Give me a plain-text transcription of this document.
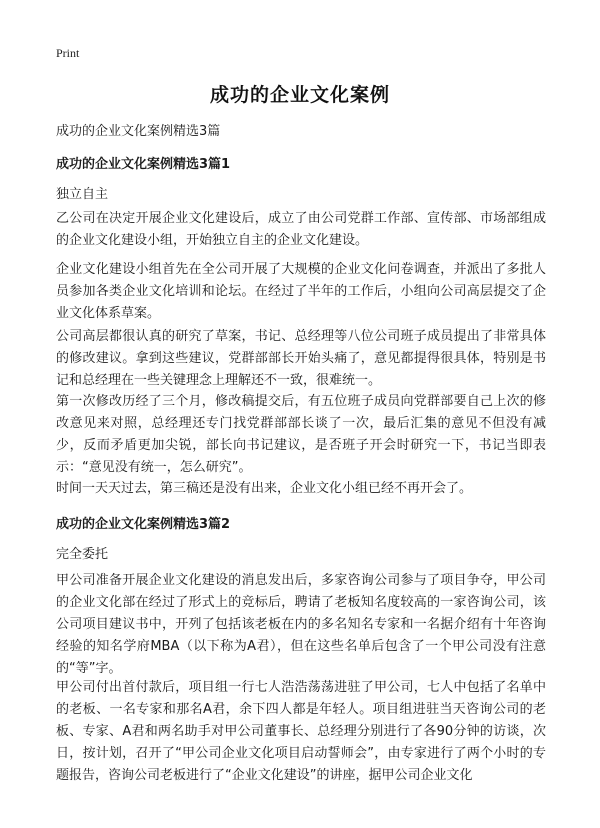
Print
成功的企业文化案例
成功的企业文化案例精选3篇
成功的企业文化案例精选3篇1
独立自主

乙公司在决定开展企业文化建设后，成立了由公司党群工作部、宣传部、市场部组成的企业文化建设小组，开始独立自主的企业文化建设。

企业文化建设小组首先在全公司开展了大规模的企业文化问卷调查，并派出了多批人员参加各类企业文化培训和论坛。在经过了半年的工作后，小组向公司高层提交了企业文化体系草案。

公司高层都很认真的研究了草案，书记、总经理等八位公司班子成员提出了非常具体的修改建议。拿到这些建议，党群部部长开始头痛了，意见都提得很具体，特别是书记和总经理在一些关键理念上理解还不一致，很难统一。

第一次修改历经了三个月，修改稿提交后，有五位班子成员向党群部要自己上次的修改意见来对照，总经理还专门找党群部部长谈了一次，最后汇集的意见不但没有减少，反而矛盾更加尖锐，部长向书记建议，是否班子开会时研究一下，书记当即表示：“意见没有统一，怎么研究”。

时间一天天过去，第三稿还是没有出来，企业文化小组已经不再开会了。

成功的企业文化案例精选3篇2
完全委托

甲公司准备开展企业文化建设的消息发出后，多家咨询公司参与了项目争夺，甲公司的企业文化部在经过了形式上的竞标后，聘请了老板知名度较高的一家咨询公司，该公司项目建议书中，开列了包括该老板在内的多名知名专家和一名据介绍有十年咨询经验的知名学府MBA（以下称为A君），但在这些名单后包含了一个甲公司没有注意的“等”字。

甲公司付出首付款后，项目组一行七人浩浩荡荡进驻了甲公司，七人中包括了名单中的老板、一名专家和那名A君，余下四人都是年轻人。项目组进驻当天咨询公司的老板、专家、A君和两名助手对甲公司董事长、总经理分别进行了各90分钟的访谈，次日，按计划，召开了“甲公司企业文化项目启动誓师会”，由专家进行了两个小时的专题报告，咨询公司老板进行了“企业文化建设”的讲座，据甲公司企业文化
